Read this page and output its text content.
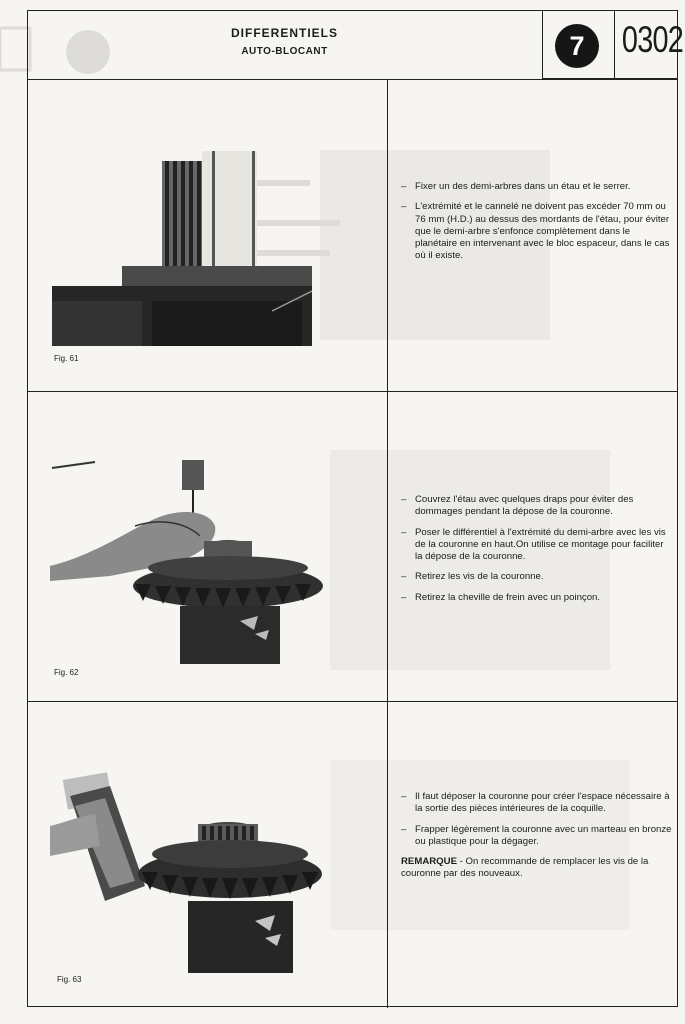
DIFFERENTIELS
AUTO-BLOCANT	7	0302
Fig. 61
– Fixer un des demi-arbres dans un étau et le serrer.
– L'extrémité et le cannelé ne doivent pas excéder 70 mm ou 76 mm (H.D.) au dessus des mordants de l'étau, pour éviter que le demi-arbre s'enfonce complètement dans le planétaire en intervenant avec le bloc espaceur, dans le cas où il existe.
Fig. 62
– Couvrez l'étau avec quelques draps pour éviter des dommages pendant la dépose de la couronne.
– Poser le différentiel à l'extrémité du demi-arbre avec les vis de la couronne en haut.On utilise ce montage pour faciliter la dépose de la couronne.
– Retirez les vis de la couronne.
– Retirez la cheville de frein avec un poinçon.
Fig. 63
– Il faut déposer la couronne pour créer l'espace nécessaire à la sortie des pièces intérieures de la coquille.
– Frapper légèrement la couronne avec un marteau en bronze ou plastique pour la dégager.
REMARQUE - On recommande de remplacer les vis de la couronne par des nouveaux.
